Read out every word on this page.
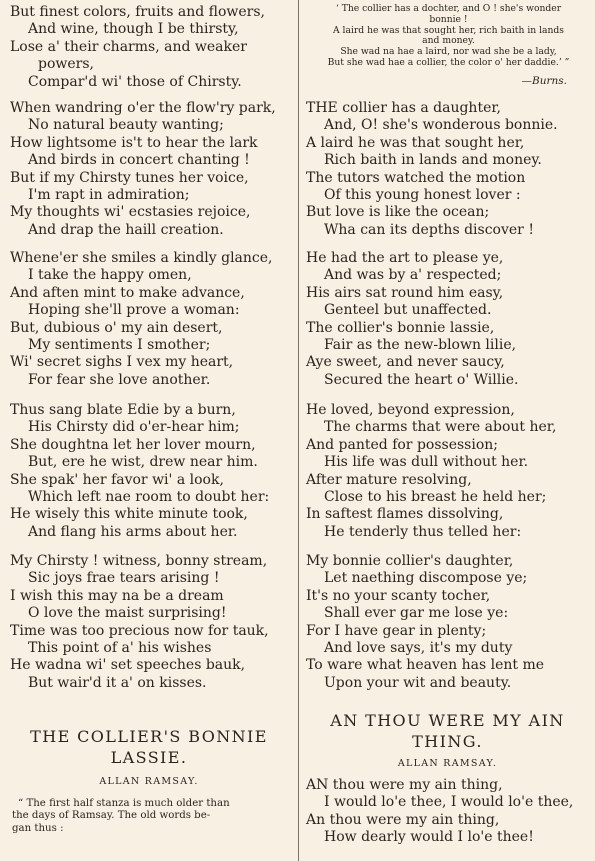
But finest colors, fruits and flowers,
And wine, though I be thirsty,
Lose a' their charms, and weaker
powers,
Compar'd wi' those of Chirsty.
When wandring o'er the flow'ry park,
No natural beauty wanting;
How lightsome is't to hear the lark
And birds in concert chanting !
But if my Chirsty tunes her voice,
I'm rapt in admiration;
My thoughts wi' ecstasies rejoice,
And drap the haill creation.
Whene'er she smiles a kindly glance,
I take the happy omen,
And aften mint to make advance,
Hoping she'll prove a woman:
But, dubious o' my ain desert,
My sentiments I smother;
Wi' secret sighs I vex my heart,
For fear she love another.
Thus sang blate Edie by a burn,
His Chirsty did o'er-hear him;
She doughtna let her lover mourn,
But, ere he wist, drew near him.
She spak' her favor wi' a look,
Which left nae room to doubt her:
He wisely this white minute took,
And flang his arms about her.
My Chirsty ! witness, bonny stream,
Sic joys frae tears arising !
I wish this may na be a dream
O love the maist surprising!
Time was too precious now for tauk,
This point of a' his wishes
He wadna wi' set speeches bauk,
But wair'd it a' on kisses.
THE COLLIER'S BONNIE
LASSIE.
ALLAN RAMSAY.

“ The first half stanza is much older than

the days of Ramsay. The old words be-

gan thus :

‘ The collier has a dochter, and O ! she's wonder
bonnie !
A laird he was that sought her, rich baith in lands
and money.
She wad na hae a laird, nor wad she be a lady,
But she wad hae a collier, the color o' her daddie.’ ”
—Burns.
THE collier has a daughter,
And, O! she's wonderous bonnie.
A laird he was that sought her,
Rich baith in lands and money.
The tutors watched the motion
Of this young honest lover :
But love is like the ocean;
Wha can its depths discover !
He had the art to please ye,
And was by a' respected;
His airs sat round him easy,
Genteel but unaffected.
The collier's bonnie lassie,
Fair as the new-blown lilie,
Aye sweet, and never saucy,
Secured the heart o' Willie.
He loved, beyond expression,
The charms that were about her,
And panted for possession;
His life was dull without her.
After mature resolving,
Close to his breast he held her;
In saftest flames dissolving,
He tenderly thus telled her:
My bonnie collier's daughter,
Let naething discompose ye;
It's no your scanty tocher,
Shall ever gar me lose ye:
For I have gear in plenty;
And love says, it's my duty
To ware what heaven has lent me
Upon your wit and beauty.
AN THOU WERE MY AIN
THING.
ALLAN RAMSAY.
AN thou were my ain thing,
I would lo'e thee, I would lo'e thee,
An thou were my ain thing,
How dearly would I lo'e thee!
